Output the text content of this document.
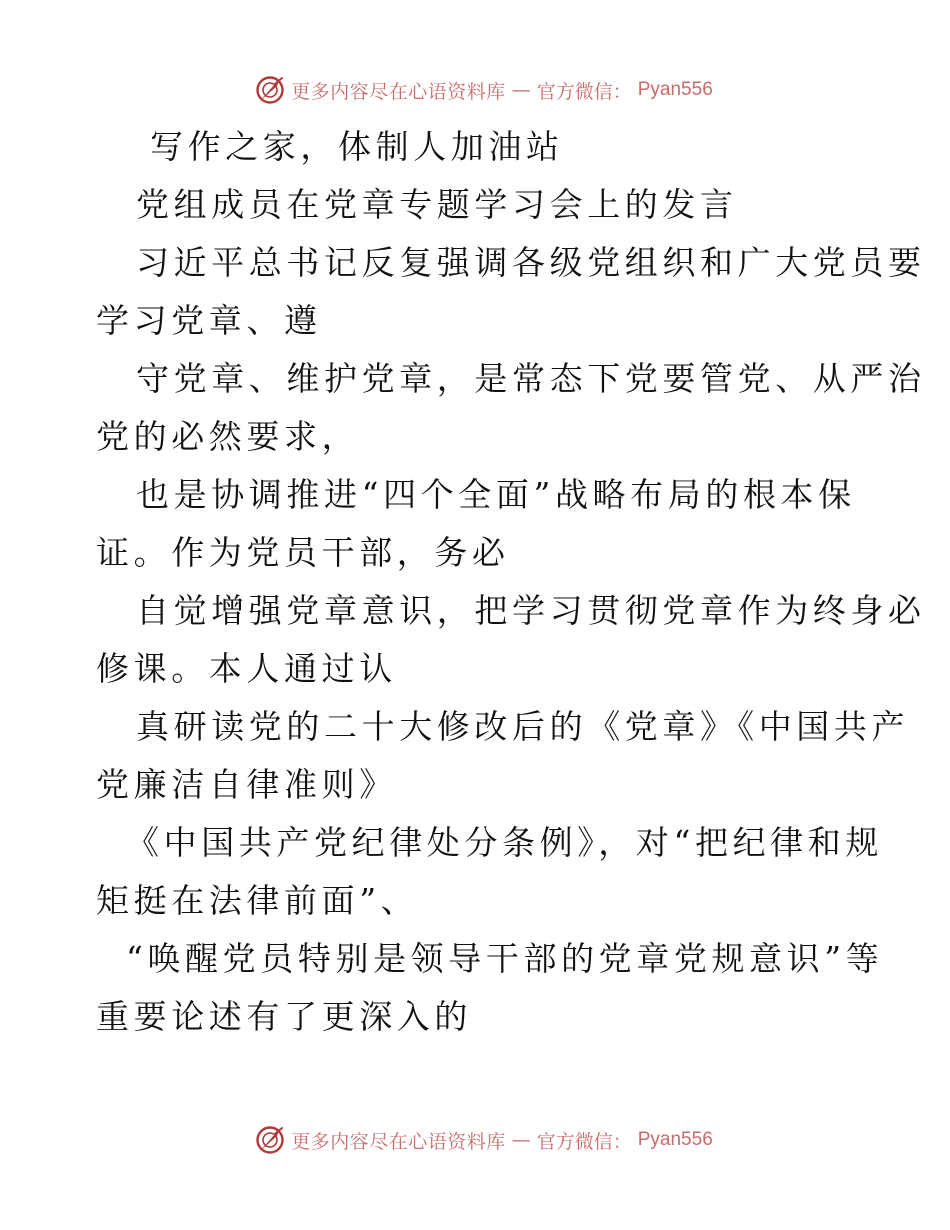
更多内容尽在心语资料库 — 官方微信： Pyan556
写作之家，体制人加油站
党组成员在党章专题学习会上的发言
习近平总书记反复强调各级党组织和广大党员要
学习党章、遵
守党章、维护党章，是常态下党要管党、从严治
党的必然要求，
也是协调推进“四个全面”战略布局的根本保
证。作为党员干部，务必
自觉增强党章意识，把学习贯彻党章作为终身必
修课。本人通过认
真研读党的二十大修改后的《党章》《中国共产
党廉洁自律准则》
《中国共产党纪律处分条例》，对“把纪律和规
矩挺在法律前面”、
“唤醒党员特别是领导干部的党章党规意识”等
重要论述有了更深入的
更多内容尽在心语资料库 — 官方微信： Pyan556
